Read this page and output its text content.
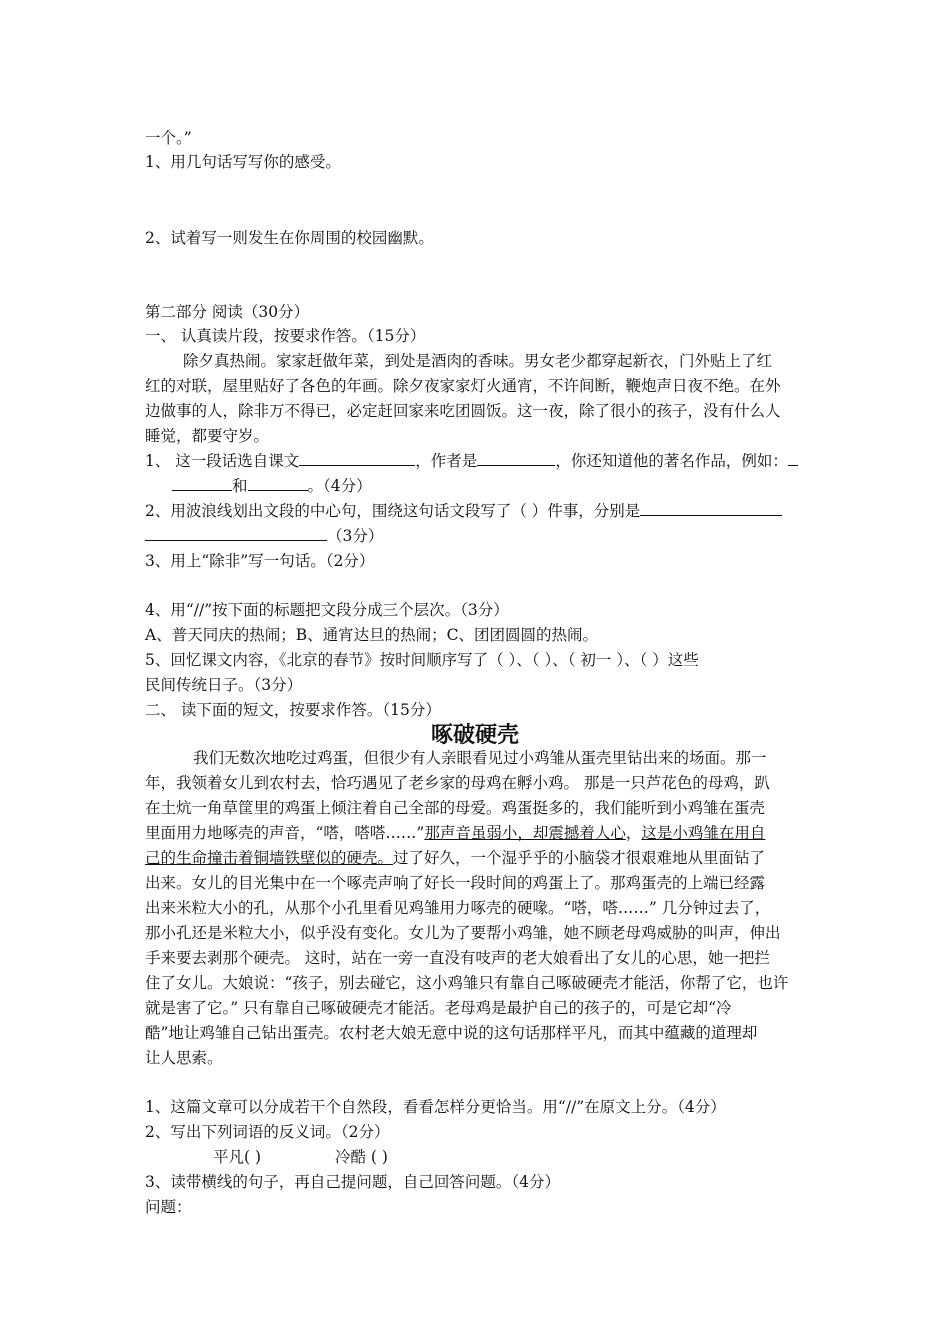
一个。”
1、用几句话写写你的感受。
2、试着写一则发生在你周围的校园幽默。
第二部分 阅读（30分）
一、 认真读片段，按要求作答。（15分）
除夕真热闹。家家赶做年菜，到处是酒肉的香味。男女老少都穿起新衣，门外贴上了红
红的对联，屋里贴好了各色的年画。除夕夜家家灯火通宵，不许间断，鞭炮声日夜不绝。在外
边做事的人，除非万不得已，必定赶回家来吃团圆饭。这一夜，除了很小的孩子，没有什么人
睡觉，都要守岁。
1、 这一段话选自课文	，作者是	，你还知道他的著名作品，例如：
和	。（4分）
2、用波浪线划出文段的中心句，围绕这句话文段写了（ ）件事，分别是
（3分）
3、用上“除非”写一句话。（2分）
4、用“//”按下面的标题把文段分成三个层次。（3分）
A、普天同庆的热闹；B、通宵达旦的热闹；C、团团圆圆的热闹。
5、回忆课文内容，《北京的春节》按时间顺序写了（ ）、（ ）、（ 初一 ）、（ ）这些
民间传统日子。（3分）
二、 读下面的短文，按要求作答。（15分）
啄破硬壳
我们无数次地吃过鸡蛋，但很少有人亲眼看见过小鸡雏从蛋壳里钻出来的场面。那一
年，我领着女儿到农村去，恰巧遇见了老乡家的母鸡在孵小鸡。 那是一只芦花色的母鸡，趴
在土炕一角草筐里的鸡蛋上倾注着自己全部的母爱。鸡蛋挺多的，我们能听到小鸡雏在蛋壳
里面用力地啄壳的声音，“嗒，嗒嗒……”那声音虽弱小，却震撼着人心，这是小鸡雏在用自
己的生命撞击着铜墙铁壁似的硬壳。过了好久，一个湿乎乎的小脑袋才很艰难地从里面钻了
出来。女儿的目光集中在一个啄壳声响了好长一段时间的鸡蛋上了。那鸡蛋壳的上端已经露
出来米粒大小的孔，从那个小孔里看见鸡雏用力啄壳的硬喙。“嗒，嗒……” 几分钟过去了，
那小孔还是米粒大小，似乎没有变化。女儿为了要帮小鸡雏，她不顾老母鸡威胁的叫声，伸出
手来要去剥那个硬壳。 这时，站在一旁一直没有吱声的老大娘看出了女儿的心思，她一把拦
住了女儿。大娘说：“孩子，别去碰它，这小鸡雏只有靠自己啄破硬壳才能活，你帮了它，也许
就是害了它。” 只有靠自己啄破硬壳才能活。老母鸡是最护自己的孩子的，可是它却“冷
酷”地让鸡雏自己钻出蛋壳。农村老大娘无意中说的这句话那样平凡，而其中蕴藏的道理却
让人思索。
1、这篇文章可以分成若干个自然段，看看怎样分更恰当。用“//”在原文上分。（4分）
2、写出下列词语的反义词。（2分）
平凡( )	冷酷 ( )
3、读带横线的句子，再自己提问题，自己回答问题。（4分）
问题：
